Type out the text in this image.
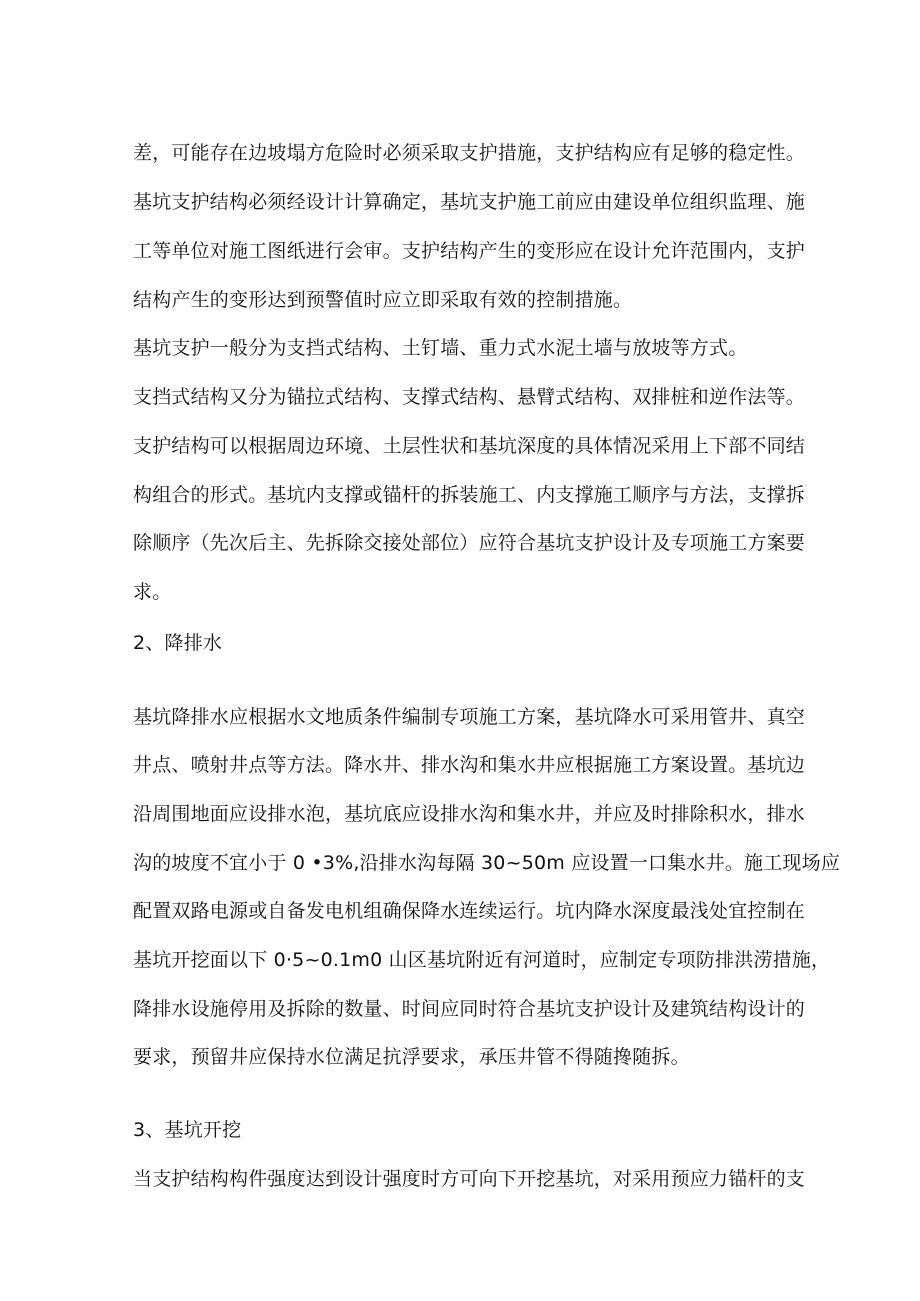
差，可能存在边坡塌方危险时必须采取支护措施，支护结构应有足够的稳定性。

基坑支护结构必须经设计计算确定，基坑支护施工前应由建设单位组织监理、施

工等单位对施工图纸进行会审。支护结构产生的变形应在设计允许范围内，支护

结构产生的变形达到预警值时应立即采取有效的控制措施。

基坑支护一般分为支挡式结构、土钉墙、重力式水泥土墙与放坡等方式。

支挡式结构又分为锚拉式结构、支撑式结构、悬臂式结构、双排桩和逆作法等。

支护结构可以根据周边环境、土层性状和基坑深度的具体情况采用上下部不同结

构组合的形式。基坑内支撑或锚杆的拆装施工、内支撑施工顺序与方法，支撑拆

除顺序（先次后主、先拆除交接处部位）应符合基坑支护设计及专项施工方案要

求。

2、降排水

基坑降排水应根据水文地质条件编制专项施工方案，基坑降水可采用管井、真空

井点、喷射井点等方法。降水井、排水沟和集水井应根据施工方案设置。基坑边

沿周围地面应设排水泡，基坑底应设排水沟和集水井，并应及时排除积水，排水

沟的坡度不宜小于 0 •3%,沿排水沟每隔 30~50m 应设置一口集水井。施工现场应

配置双路电源或自备发电机组确保降水连续运行。坑内降水深度最浅处宜控制在

基坑开挖面以下 0·5~0.1m0 山区基坑附近有河道时，应制定专项防排洪涝措施，

降排水设施停用及拆除的数量、时间应同时符合基坑支护设计及建筑结构设计的

要求，预留井应保持水位满足抗浮要求，承压井管不得随搀随拆。

3、基坑开挖

当支护结构构件强度达到设计强度时方可向下开挖基坑，对采用预应力锚杆的支
